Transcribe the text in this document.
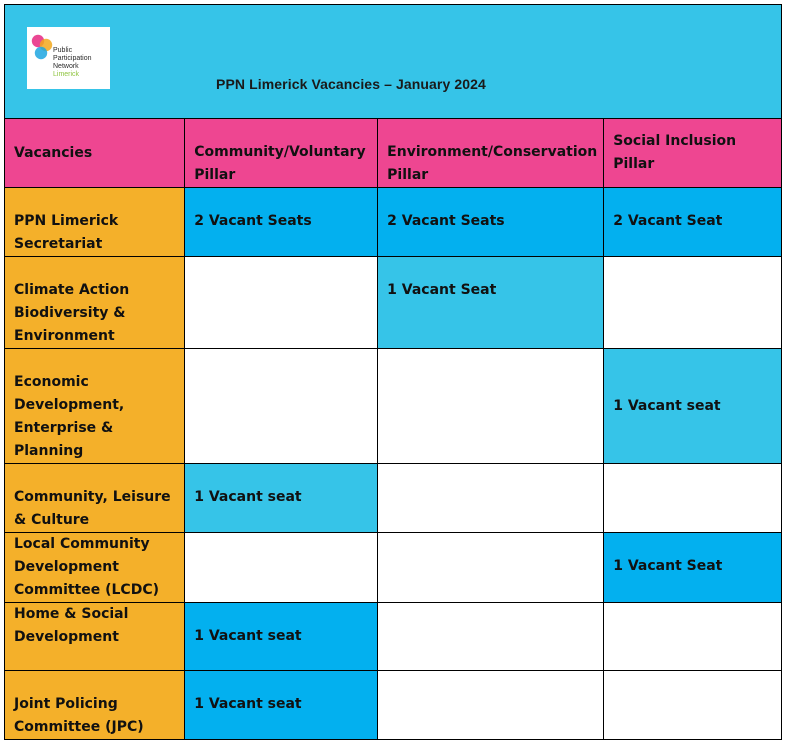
Public
Participation
Network
Limerick
PPN Limerick Vacancies – January 2024
Vacancies	Community/Voluntary Pillar	Environment/Conservation Pillar	Social Inclusion Pillar
PPN Limerick Secretariat	2 Vacant Seats	2 Vacant Seats	2 Vacant Seat
Climate Action Biodiversity & Environment		1 Vacant Seat	
Economic Development, Enterprise & Planning			1 Vacant seat
Community, Leisure & Culture	1 Vacant seat		
Local Community Development Committee (LCDC)			1 Vacant Seat
Home & Social Development	1 Vacant seat		
Joint Policing Committee (JPC)	1 Vacant seat		
